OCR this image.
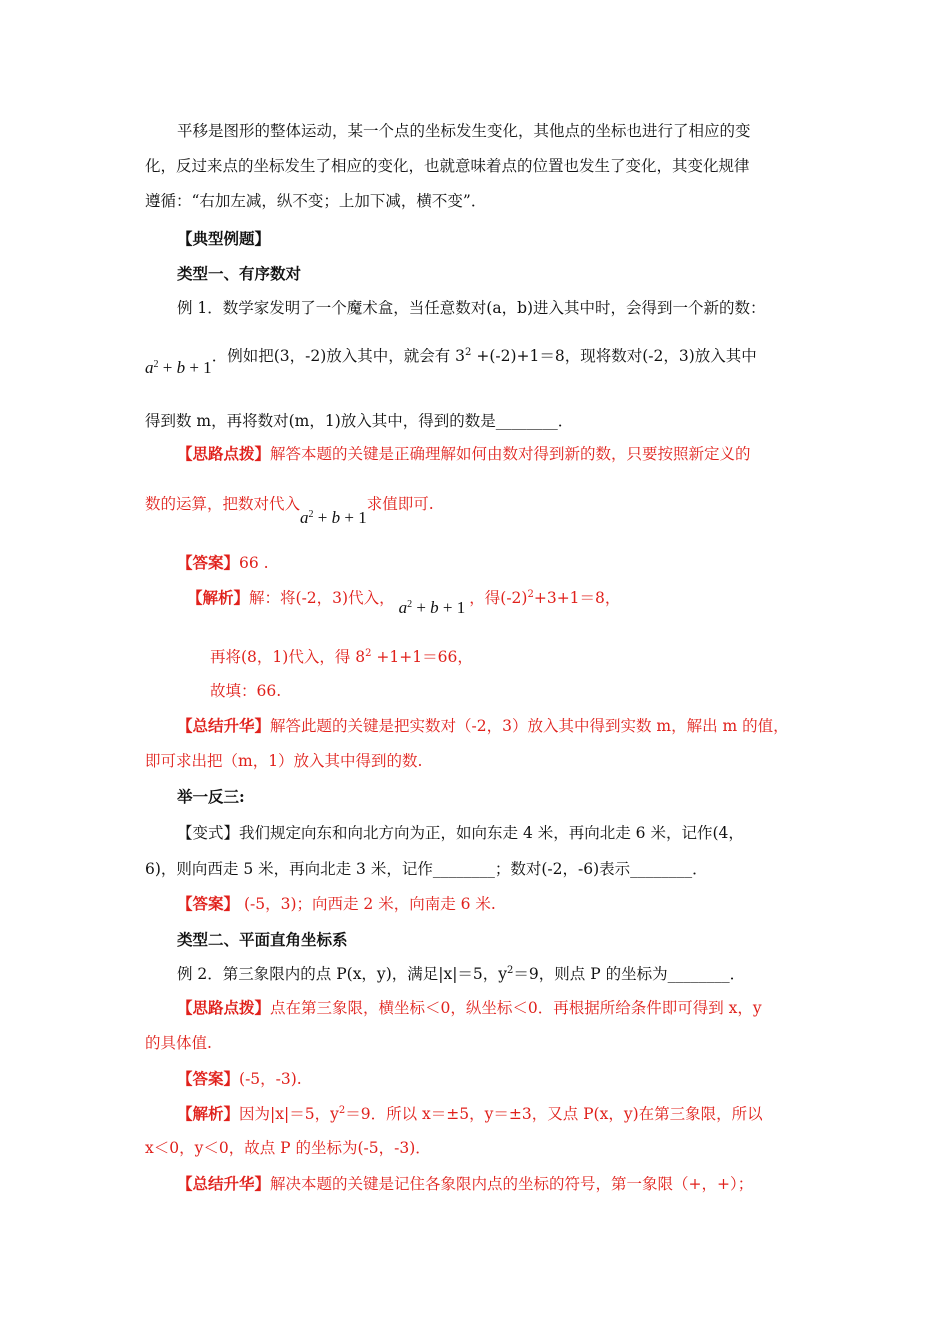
平移是图形的整体运动，某一个点的坐标发生变化，其他点的坐标也进行了相应的变
化，反过来点的坐标发生了相应的变化，也就意味着点的位置也发生了变化，其变化规律
遵循：“右加左减，纵不变；上加下减，横不变”．
【典型例题】
类型一、有序数对
例 1．数学家发明了一个魔术盒，当任意数对(a，b)进入其中时，会得到一个新的数：
$a^2 + b + 1$．例如把(3，-2)放入其中，就会有 $3^2 +(-2)+1=8$，现将数对(-2，3)放入其中
得到数 m，再将数对(m，1)放入其中，得到的数是________．
【思路点拨】解答本题的关键是正确理解如何由数对得到新的数，只要按照新定义的
数的运算，把数对代入$a^2 + b + 1$求值即可.
【答案】66 .
【解析】解：将(-2，3)代入， $a^2 + b + 1$ ，得$(-2)^2+3+1=8$，
再将(8，1)代入，得 $8^2 +1+1=66$，
故填：66.
【总结升华】解答此题的关键是把实数对（-2，3）放入其中得到实数 m，解出 m 的值，
即可求出把（m，1）放入其中得到的数.
举一反三:
【变式】我们规定向东和向北方向为正，如向东走 4 米，再向北走 6 米，记作(4，
6)，则向西走 5 米，再向北走 3 米，记作________；数对(-2，-6)表示________．
【答案】 (-5，3)；向西走 2 米，向南走 6 米.
类型二、平面直角坐标系
例 2．第三象限内的点 P(x，y)，满足|x|＝5，$y^2=9$，则点 P 的坐标为________．
【思路点拨】点在第三象限，横坐标＜0，纵坐标＜0．再根据所给条件即可得到 x，y
的具体值.
【答案】(-5，-3).
【解析】因为|x|＝5，$y^2=9$．所以 x＝±5，y＝±3，又点 P(x，y)在第三象限，所以
x＜0，y＜0，故点 P 的坐标为(-5，-3)．
【总结升华】解决本题的关键是记住各象限内点的坐标的符号，第一象限（+，+）；
